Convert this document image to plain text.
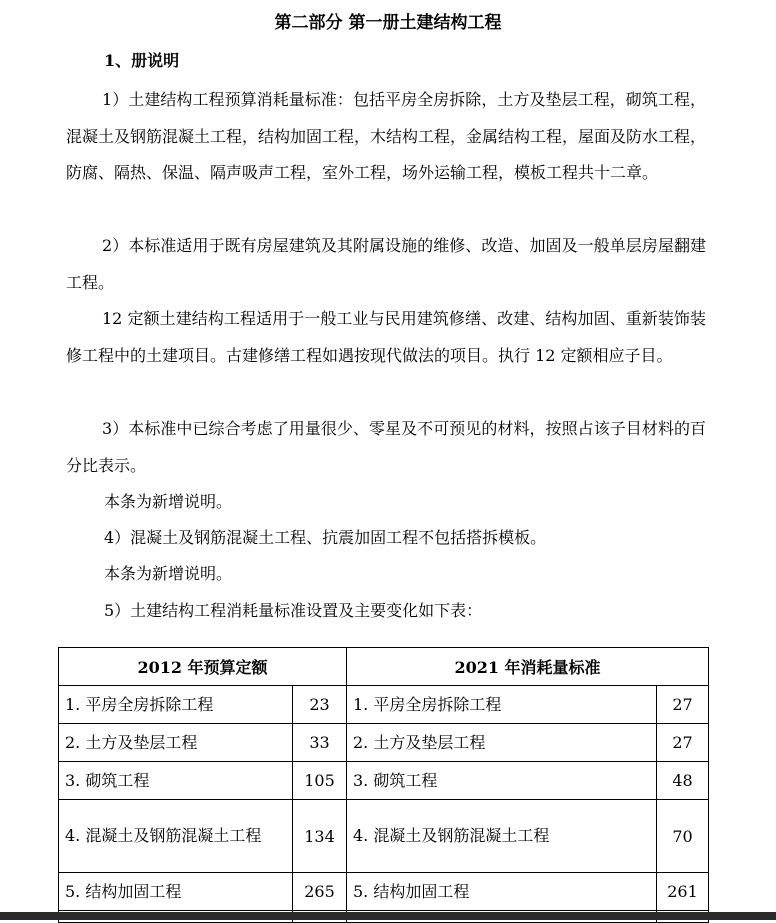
第二部分 第一册土建结构工程
1、册说明
1）土建结构工程预算消耗量标准：包括平房全房拆除，土方及垫层工程，砌筑工程，混凝土及钢筋混凝土工程，结构加固工程，木结构工程，金属结构工程，屋面及防水工程，防腐、隔热、保温、隔声吸声工程，室外工程，场外运输工程，模板工程共十二章。
2）本标准适用于既有房屋建筑及其附属设施的维修、改造、加固及一般单层房屋翻建工程。
12 定额土建结构工程适用于一般工业与民用建筑修缮、改建、结构加固、重新装饰装修工程中的土建项目。古建修缮工程如遇按现代做法的项目。执行 12 定额相应子目。
3）本标准中已综合考虑了用量很少、零星及不可预见的材料，按照占该子目材料的百分比表示。
本条为新增说明。
4）混凝土及钢筋混凝土工程、抗震加固工程不包括搭拆模板。
本条为新增说明。
5）土建结构工程消耗量标准设置及主要变化如下表：
2012 年预算定额		2021 年消耗量标准	
1. 平房全房拆除工程	23	1. 平房全房拆除工程	27
2. 土方及垫层工程	33	2. 土方及垫层工程	27
3. 砌筑工程	105	3. 砌筑工程	48
4. 混凝土及钢筋混凝土工程	134	4. 混凝土及钢筋混凝土工程	70
5. 结构加固工程	265	5. 结构加固工程	261
